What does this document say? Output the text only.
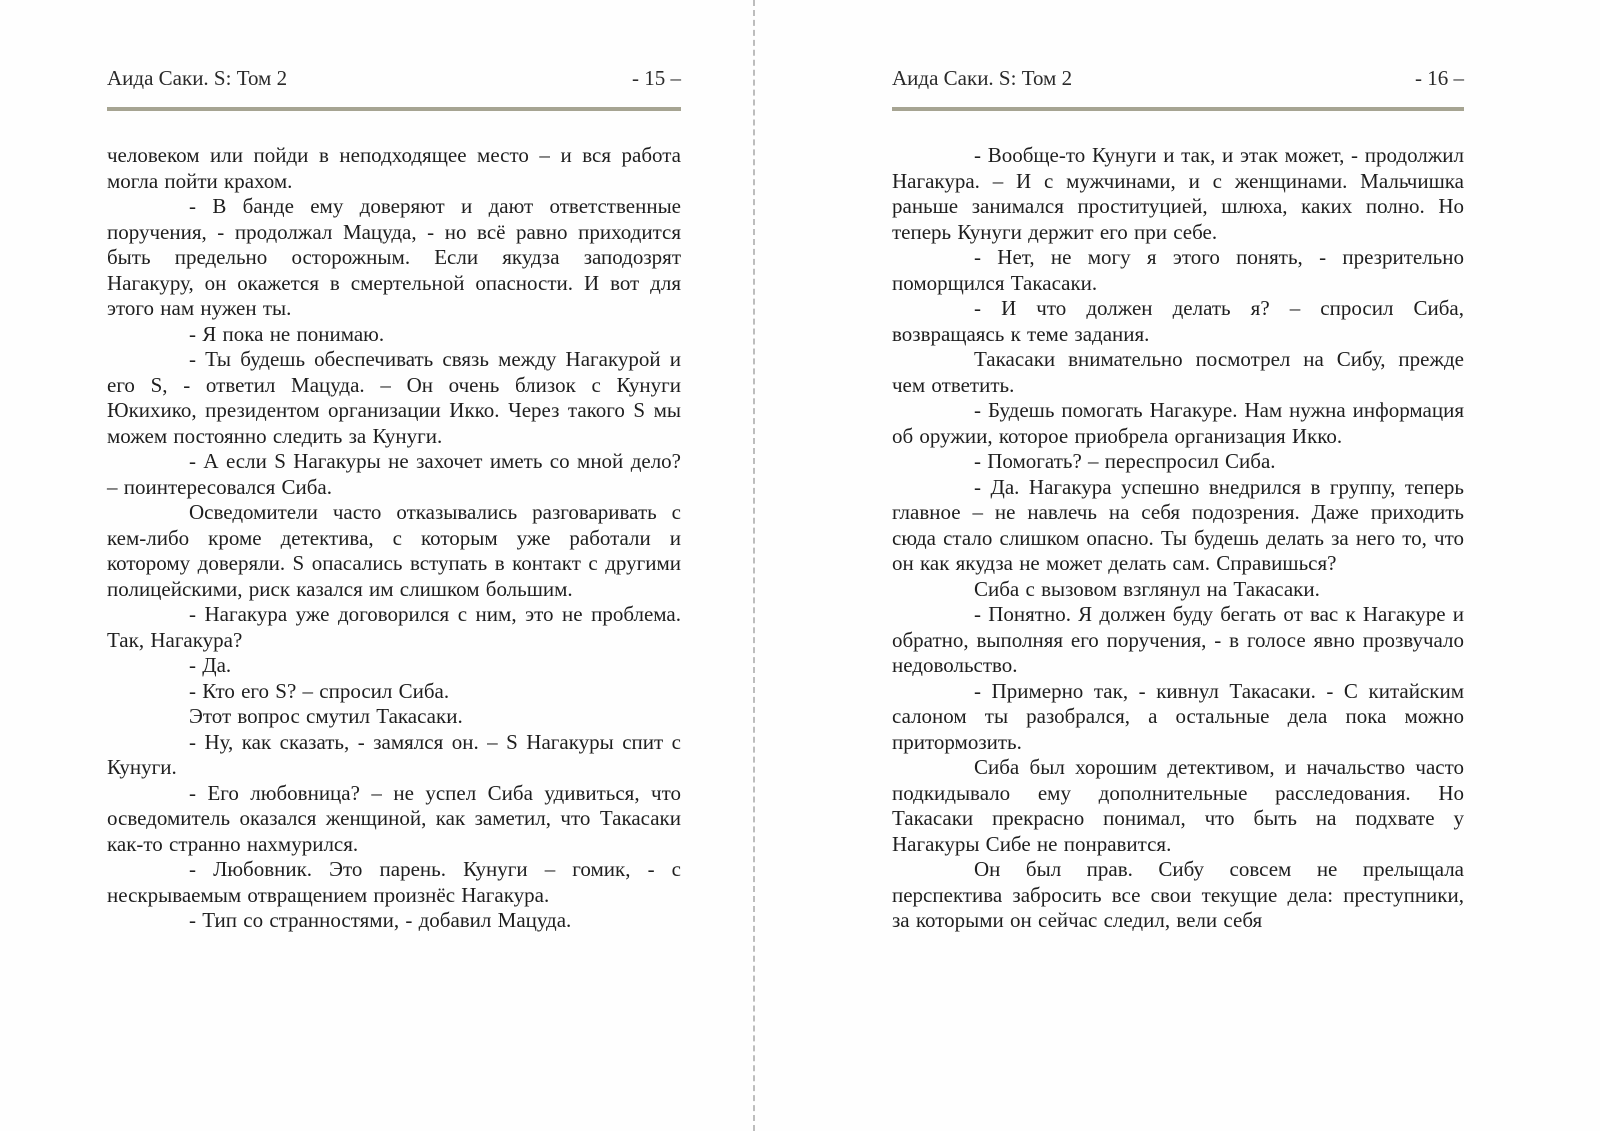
Аида Саки. S: Том 2	- 15 –

человеком или пойди в неподходящее место – и вся работа могла пойти крахом.

- В банде ему доверяют и дают ответственные поручения, - продолжал Мацуда, - но всё равно приходится быть предельно осторожным. Если якудза заподозрят Нагакуру, он окажется в смертельной опасности. И вот для этого нам нужен ты.

- Я пока не понимаю.

- Ты будешь обеспечивать связь между Нагакурой и его S, - ответил Мацуда. – Он очень близок с Кунуги Юкихико, президентом организации Икко. Через такого S мы можем постоянно следить за Кунуги.

- А если S Нагакуры не захочет иметь со мной дело? – поинтересовался Сиба.

Осведомители часто отказывались разговаривать с кем-либо кроме детектива, с которым уже работали и которому доверяли. S опасались вступать в контакт с другими полицейскими, риск казался им слишком большим.

- Нагакура уже договорился с ним, это не проблема. Так, Нагакура?

- Да.

- Кто его S? – спросил Сиба.

Этот вопрос смутил Такасаки.

- Ну, как сказать, - замялся он. – S Нагакуры спит с Кунуги.

- Его любовница? – не успел Сиба удивиться, что осведомитель оказался женщиной, как заметил, что Такасаки как-то странно нахмурился.

- Любовник. Это парень. Кунуги – гомик, - с нескрываемым отвращением произнёс Нагакура.

- Тип со странностями, - добавил Мацуда.

Аида Саки. S: Том 2	- 16 –

- Вообще-то Кунуги и так, и этак может, - продолжил Нагакура. – И с мужчинами, и с женщинами. Мальчишка раньше занимался проституцией, шлюха, каких полно. Но теперь Кунуги держит его при себе.

- Нет, не могу я этого понять, - презрительно поморщился Такасаки.

- И что должен делать я? – спросил Сиба, возвращаясь к теме задания.

Такасаки внимательно посмотрел на Сибу, прежде чем ответить.

- Будешь помогать Нагакуре. Нам нужна информация об оружии, которое приобрела организация Икко.

- Помогать? – переспросил Сиба.

- Да. Нагакура успешно внедрился в группу, теперь главное – не навлечь на себя подозрения. Даже приходить сюда стало слишком опасно. Ты будешь делать за него то, что он как якудза не может делать сам. Справишься?

Сиба с вызовом взглянул на Такасаки.

- Понятно. Я должен буду бегать от вас к Нагакуре и обратно, выполняя его поручения, - в голосе явно прозвучало недовольство.

- Примерно так, - кивнул Такасаки. - С китайским салоном ты разобрался, а остальные дела пока можно притормозить.

Сиба был хорошим детективом, и начальство часто подкидывало ему дополнительные расследования. Но Такасаки прекрасно понимал, что быть на подхвате у Нагакуры Сибе не понравится.

Он был прав. Сибу совсем не прелыщала перспектива забросить все свои текущие дела: преступники, за которыми он сейчас следил, вели себя
